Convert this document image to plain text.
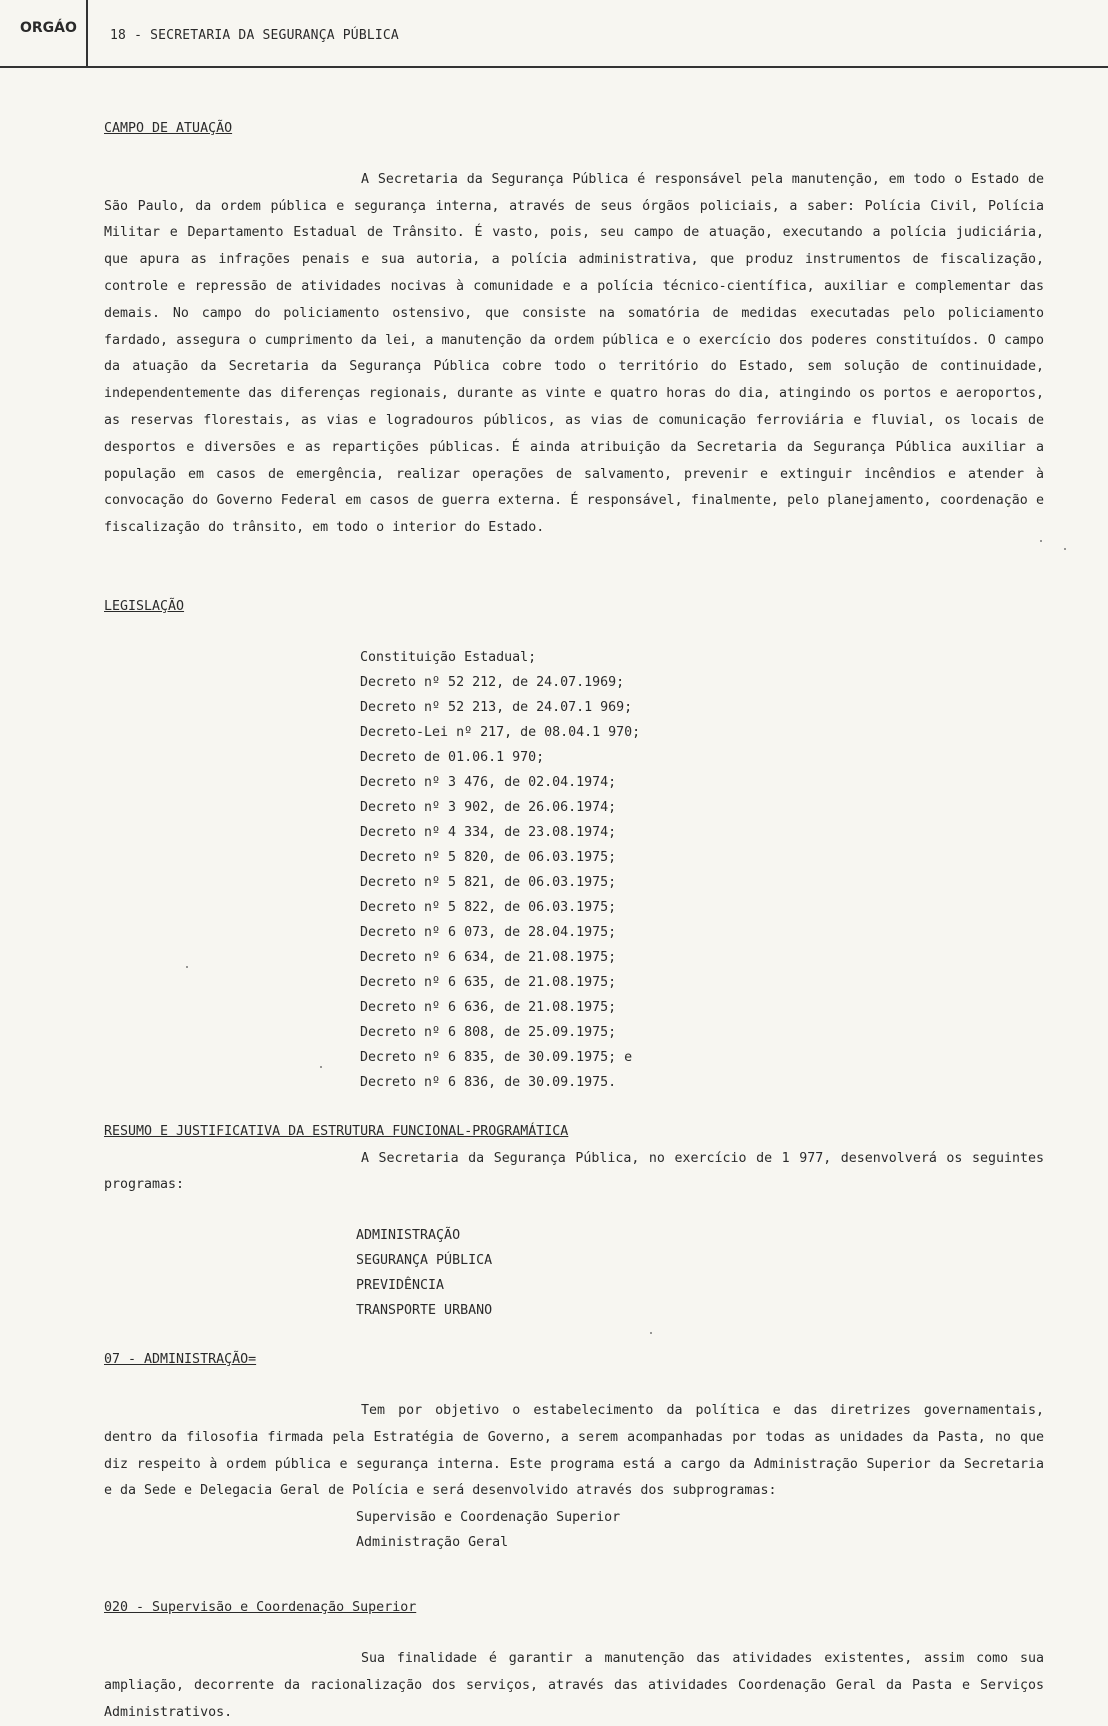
ORGÁO	18 - SECRETARIA DA SEGURANÇA PÚBLICA

CAMPO DE ATUAÇÃO

A Secretaria da Segurança Pública é responsável pela manutenção, em todo o Estado de São Paulo, da ordem pública e segurança interna, através de seus órgãos policiais, a saber: Polícia Civil, Polícia Militar e Departamento Estadual de Trânsito. É vasto, pois, seu campo de atuação, executando a polícia judiciária, que apura as infrações penais e sua autoria, a polícia administrativa, que produz instrumentos de fiscalização, controle e repressão de atividades nocivas à comunidade e a polícia técnico-científica, auxiliar e complementar das demais. No campo do policiamento ostensivo, que consiste na somatória de medidas executadas pelo policiamento fardado, assegura o cumprimento da lei, a manutenção da ordem pública e o exercício dos poderes constituídos. O campo da atuação da Secretaria da Segurança Pública cobre todo o território do Estado, sem solução de continuidade, independentemente das diferenças regionais, durante as vinte e quatro horas do dia, atingindo os portos e aeroportos, as reservas florestais, as vias e logradouros públicos, as vias de comunicação ferroviária e fluvial, os locais de desportos e diversões e as repartições públicas. É ainda atribuição da Secretaria da Segurança Pública auxiliar a população em casos de emergência, realizar operações de salvamento, prevenir e extinguir incêndios e atender à convocação do Governo Federal em casos de guerra externa. É responsável, finalmente, pelo planejamento, coordenação e fiscalização do trânsito, em todo o interior do Estado.

LEGISLAÇÃO

Constituição Estadual;
Decreto nº 52 212, de 24.07.1969;
Decreto nº 52 213, de 24.07.1 969;
Decreto-Lei nº 217, de 08.04.1 970;
Decreto de 01.06.1 970;
Decreto nº 3 476, de 02.04.1974;
Decreto nº 3 902, de 26.06.1974;
Decreto nº 4 334, de 23.08.1974;
Decreto nº 5 820, de 06.03.1975;
Decreto nº 5 821, de 06.03.1975;
Decreto nº 5 822, de 06.03.1975;
Decreto nº 6 073, de 28.04.1975;
Decreto nº 6 634, de 21.08.1975;
Decreto nº 6 635, de 21.08.1975;
Decreto nº 6 636, de 21.08.1975;
Decreto nº 6 808, de 25.09.1975;
Decreto nº 6 835, de 30.09.1975; e
Decreto nº 6 836, de 30.09.1975.

RESUMO E JUSTIFICATIVA DA ESTRUTURA FUNCIONAL-PROGRAMÁTICA

A Secretaria da Segurança Pública, no exercício de 1 977, desenvolverá os seguintes programas:

ADMINISTRAÇÃO
SEGURANÇA PÚBLICA
PREVIDÊNCIA
TRANSPORTE URBANO

07 - ADMINISTRAÇÃO=

Tem por objetivo o estabelecimento da política e das diretrizes governamentais, dentro da filosofia firmada pela Estratégia de Governo, a serem acompanhadas por todas as unidades da Pasta, no que diz respeito à ordem pública e segurança interna. Este programa está a cargo da Administração Superior da Secretaria e da Sede e Delegacia Geral de Polícia e será desenvolvido através dos subprogramas:

Supervisão e Coordenação Superior
Administração Geral

020 - Supervisão e Coordenação Superior

Sua finalidade é garantir a manutenção das atividades existentes, assim como sua ampliação, decorrente da racionalização dos serviços, através das atividades Coordenação Geral da Pasta e Serviços Administrativos.
